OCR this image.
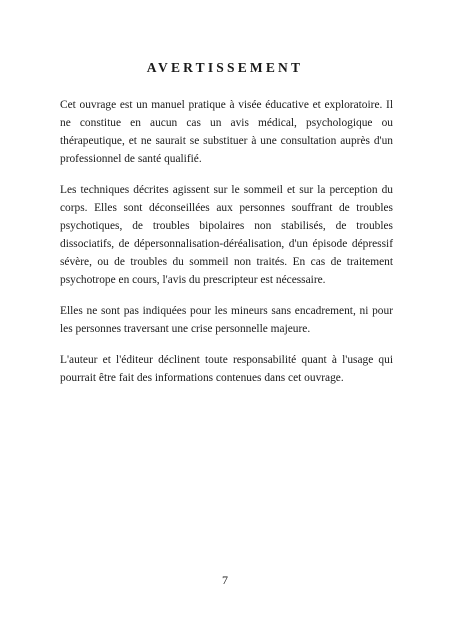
AVERTISSEMENT

Cet ouvrage est un manuel pratique à visée éducative et exploratoire. Il ne constitue en aucun cas un avis médical, psychologique ou thérapeutique, et ne saurait se substituer à une consultation auprès d'un professionnel de santé qualifié.

Les techniques décrites agissent sur le sommeil et sur la perception du corps. Elles sont déconseillées aux personnes souffrant de troubles psychotiques, de troubles bipolaires non stabilisés, de troubles dissociatifs, de dépersonnalisation-déréalisation, d'un épisode dépressif sévère, ou de troubles du sommeil non traités. En cas de traitement psychotrope en cours, l'avis du prescripteur est nécessaire.

Elles ne sont pas indiquées pour les mineurs sans encadrement, ni pour les personnes traversant une crise personnelle majeure.

L'auteur et l'éditeur déclinent toute responsabilité quant à l'usage qui pourrait être fait des informations contenues dans cet ouvrage.

7
